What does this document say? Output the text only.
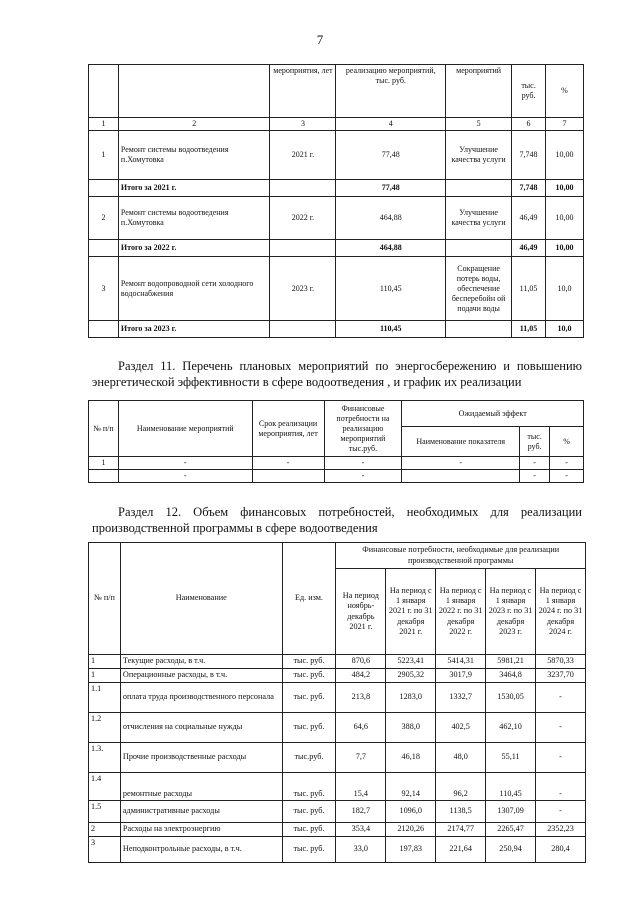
7
		мероприятия, лет	реализацию мероприятий, тыс. руб.	мероприятий	тыс. руб.	%
1	2	3	4	5	6	7
1	Ремонт системы водоотведения п.Хомутовка	2021 г.	77,48	Улучшение качества услуги	7,748	10,00
	Итого за 2021 г.		77,48		7,748	10,00
2	Ремонт системы водоотведения п.Хомутовка	2022 г.	464,88	Улучшение качества услуги	46,49	10,00
	Итого за 2022 г.		464,88		46,49	10,00
3	Ремонт водопроводной сети холодного водоснабжения	2023 г.	110,45	Сокращение потерь воды, обеспечение бесперебойн ой подачи воды	11,05	10,0
	Итого за 2023 г.		110,45		11,05	10,0
Раздел 11. Перечень плановых мероприятий по энергосбережению и повышению энергетической эффективности в сфере водоотведения , и график их реализации
№ п/п	Наименование мероприятий	Срок реализации мероприятия, лет	Финансовые потребности на реализацию мероприятий тыс.руб.	Ожидаемый эффект		
				Наименование показателя	тыс. руб.	%
1	-	-	-	-	-	-
	-		-		-	-
Раздел 12. Объем финансовых потребностей, необходимых для реализации производственной программы в сфере водоотведения
№ п/п	Наименование	Ед. изм.	Финансовые потребности, необходимые для реализации производственной программы				
			На период ноябрь-декабрь 2021 г.	На период с 1 января 2021 г. по 31 декабря 2021 г.	На период с 1 января 2022 г. по 31 декабря 2022 г.	На период с 1 января 2023 г. по 31 декабря 2023 г.	На период с 1 января 2024 г. по 31 декабря 2024 г.
1	Текущие расходы, в т.ч.	тыс. руб.	870,6	5223,41	5414,31	5981,21	5870,33
1	Операционные расходы, в т.ч.	тыс. руб.	484,2	2905,32	3017,9	3464,8	3237,70
1.1	оплата труда производственного персонала	тыс. руб.	213,8	1283,0	1332,7	1530,05	-
1.2	отчисления на социальные нужды	тыс. руб.	64,6	388,0	402,5	462,10	-
1.3.	Прочие производственные расходы	тыс.руб.	7,7	46,18	48,0	55,11	-
1.4	ремонтные расходы	тыс. руб.	15,4	92,14	96,2	110,45	-
1.5	административные расходы	тыс. руб.	182,7	1096,0	1138,5	1307,09	-
2	Расходы на электроэнергию	тыс. руб.	353,4	2120,26	2174,77	2265,47	2352,23
3	Неподконтрольные расходы, в т.ч.	тыс. руб.	33,0	197,83	221,64	250,94	280,4
